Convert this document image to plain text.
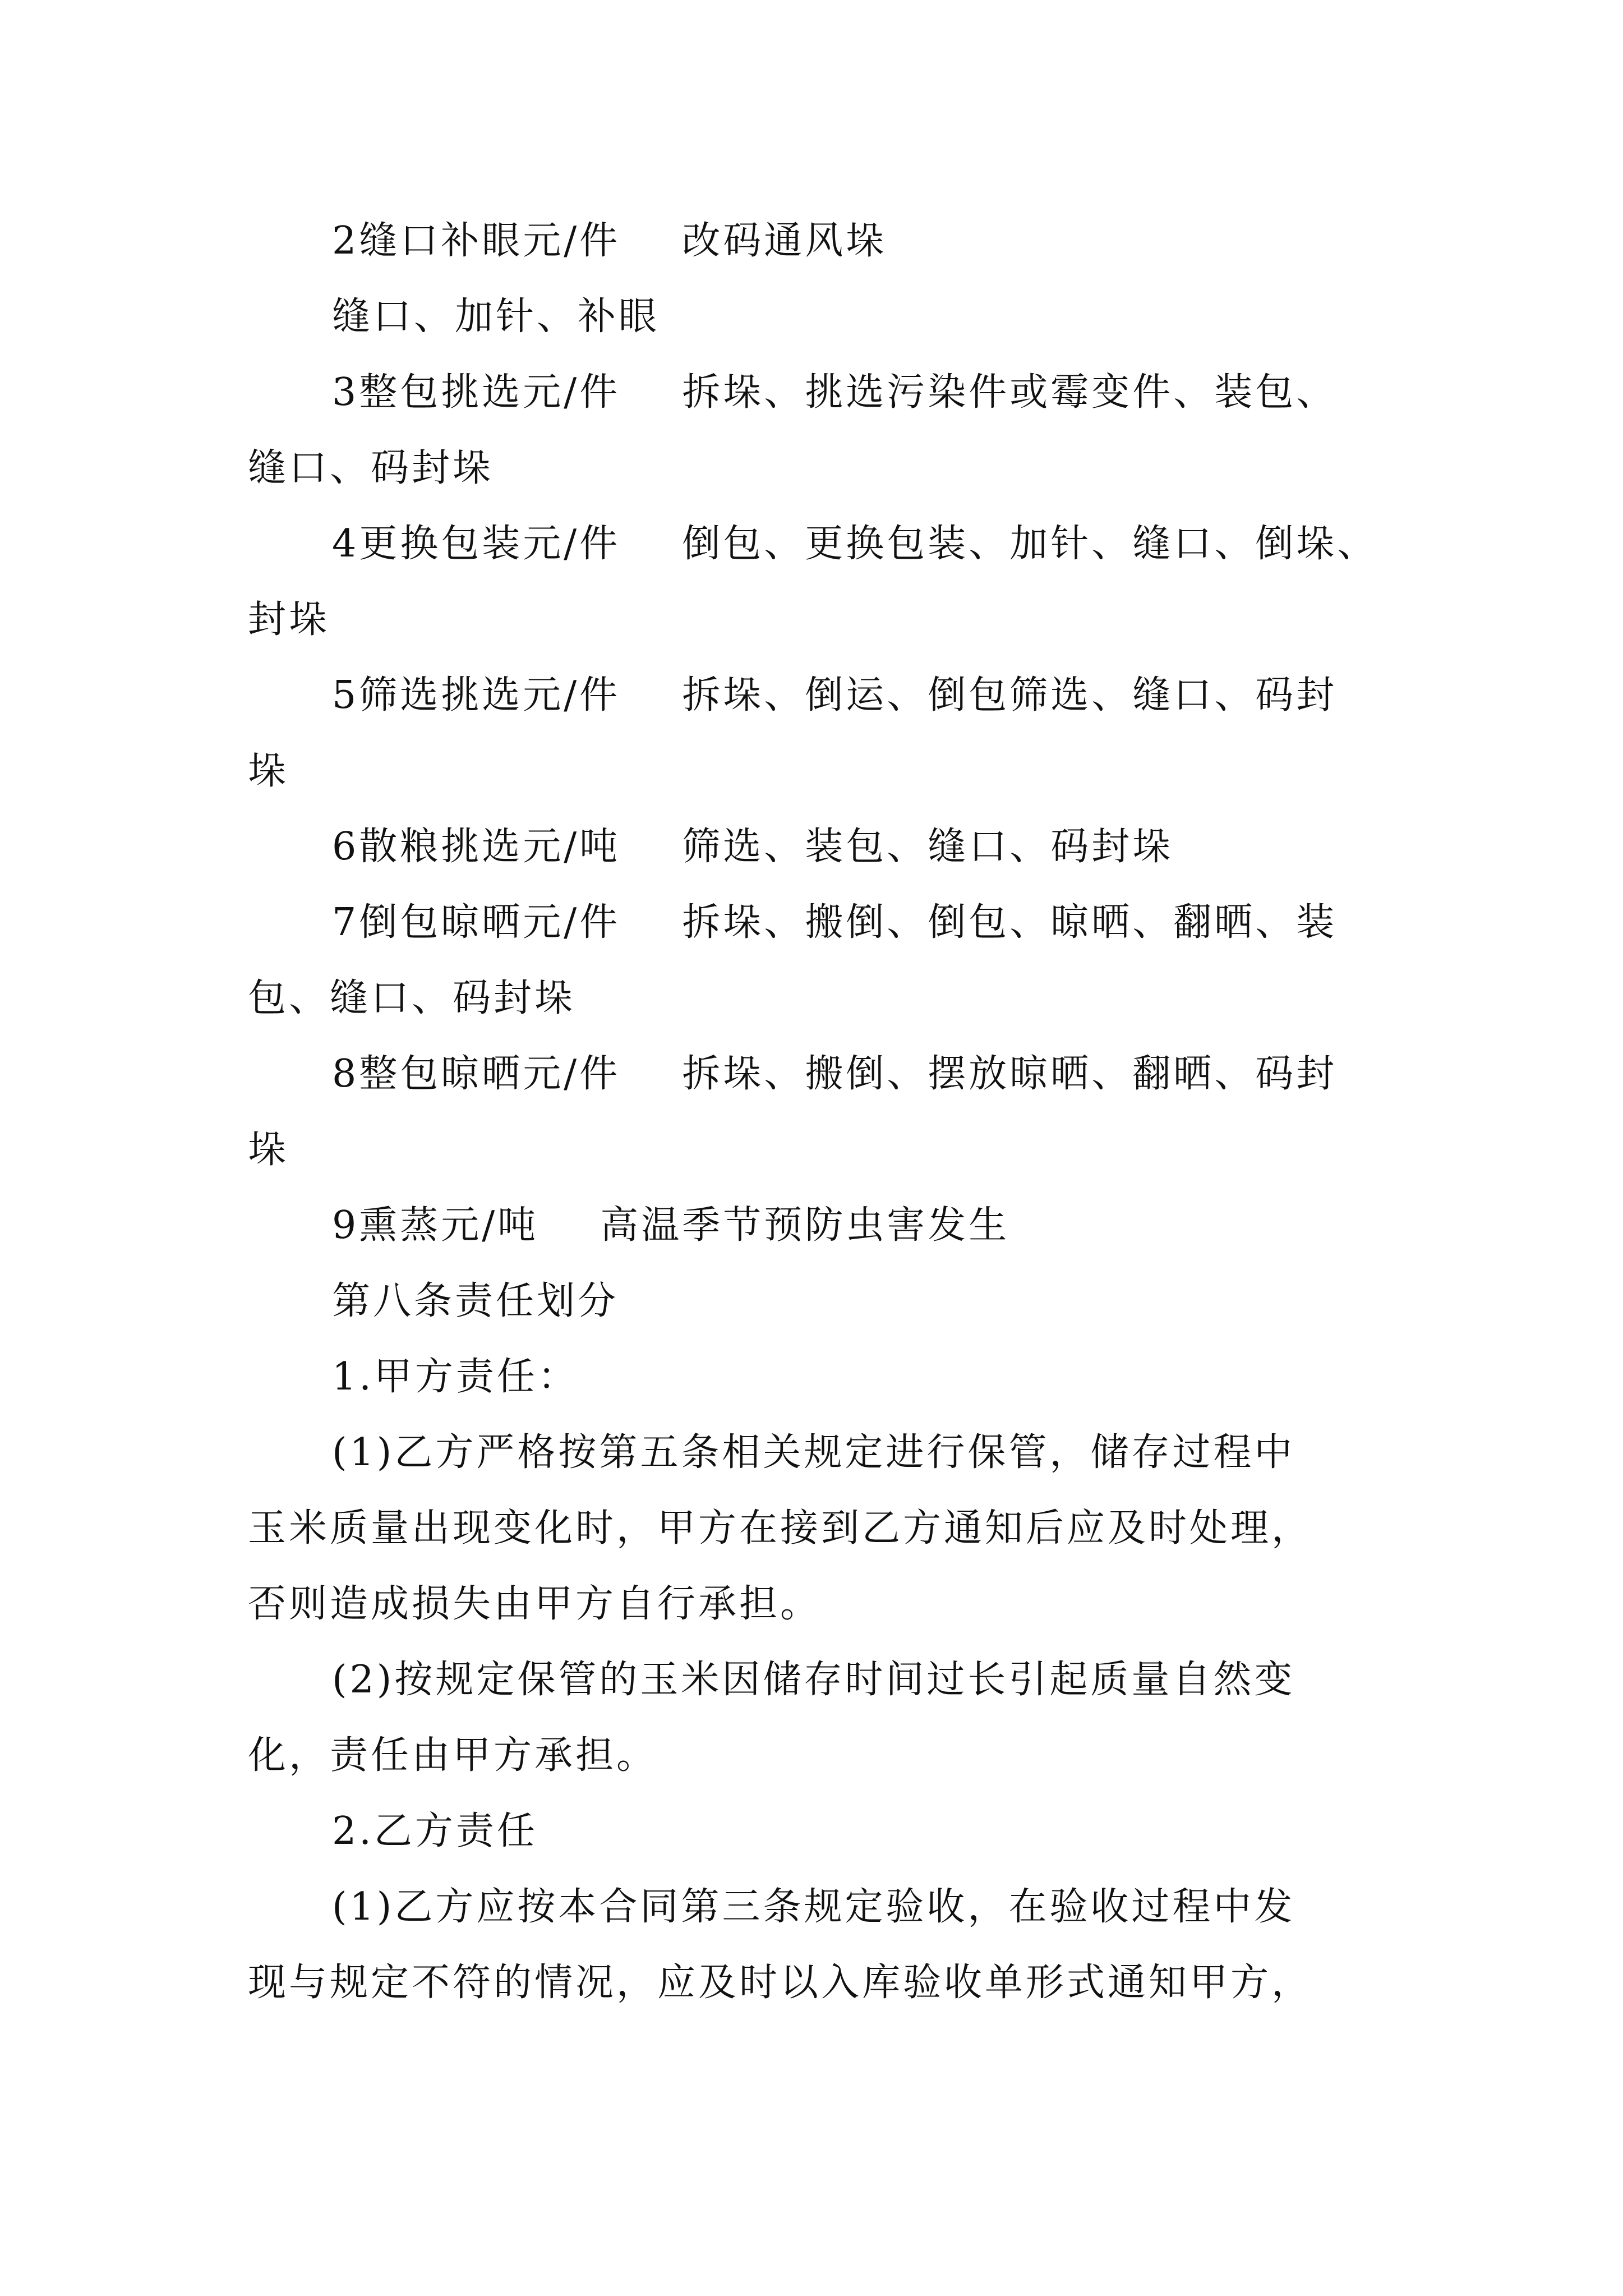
2缝口补眼元/件 改码通风垛
缝口、加针、补眼
3整包挑选元/件 拆垛、挑选污染件或霉变件、装包、
缝口、码封垛
4更换包装元/件 倒包、更换包装、加针、缝口、倒垛、
封垛
5筛选挑选元/件 拆垛、倒运、倒包筛选、缝口、码封
垛
6散粮挑选元/吨 筛选、装包、缝口、码封垛
7倒包晾晒元/件 拆垛、搬倒、倒包、晾晒、翻晒、装
包、缝口、码封垛
8整包晾晒元/件 拆垛、搬倒、摆放晾晒、翻晒、码封
垛
9熏蒸元/吨 高温季节预防虫害发生
第八条责任划分
1.甲方责任：
(1)乙方严格按第五条相关规定进行保管，储存过程中
玉米质量出现变化时，甲方在接到乙方通知后应及时处理，
否则造成损失由甲方自行承担。
(2)按规定保管的玉米因储存时间过长引起质量自然变
化，责任由甲方承担。
2.乙方责任
(1)乙方应按本合同第三条规定验收，在验收过程中发
现与规定不符的情况，应及时以入库验收单形式通知甲方，
